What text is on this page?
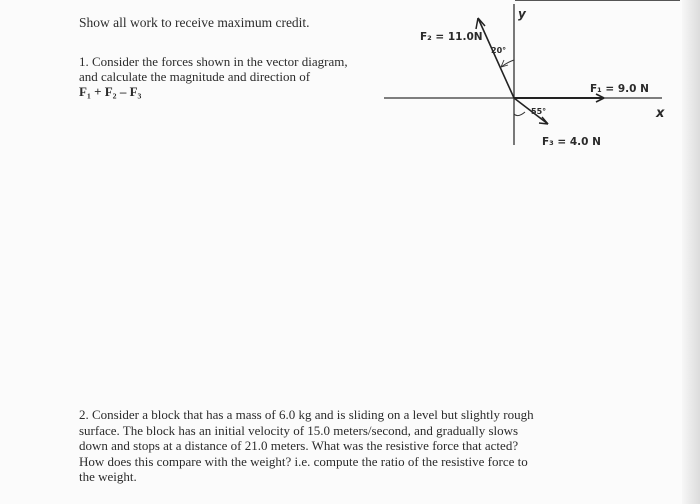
Show all work to receive maximum credit.
1. Consider the forces shown in the vector diagram,
and calculate the magnitude and direction of
F₁ + F₂ – F₃
y
x
F₂ = 11.0N
F₁ = 9.0 N
F₃ = 4.0 N
20°
55°
2. Consider a block that has a mass of 6.0 kg and is sliding on a level but slightly rough
surface. The block has an initial velocity of 15.0 meters/second, and gradually slows
down and stops at a distance of 21.0 meters. What was the resistive force that acted?
How does this compare with the weight? i.e. compute the ratio of the resistive force to
the weight.
